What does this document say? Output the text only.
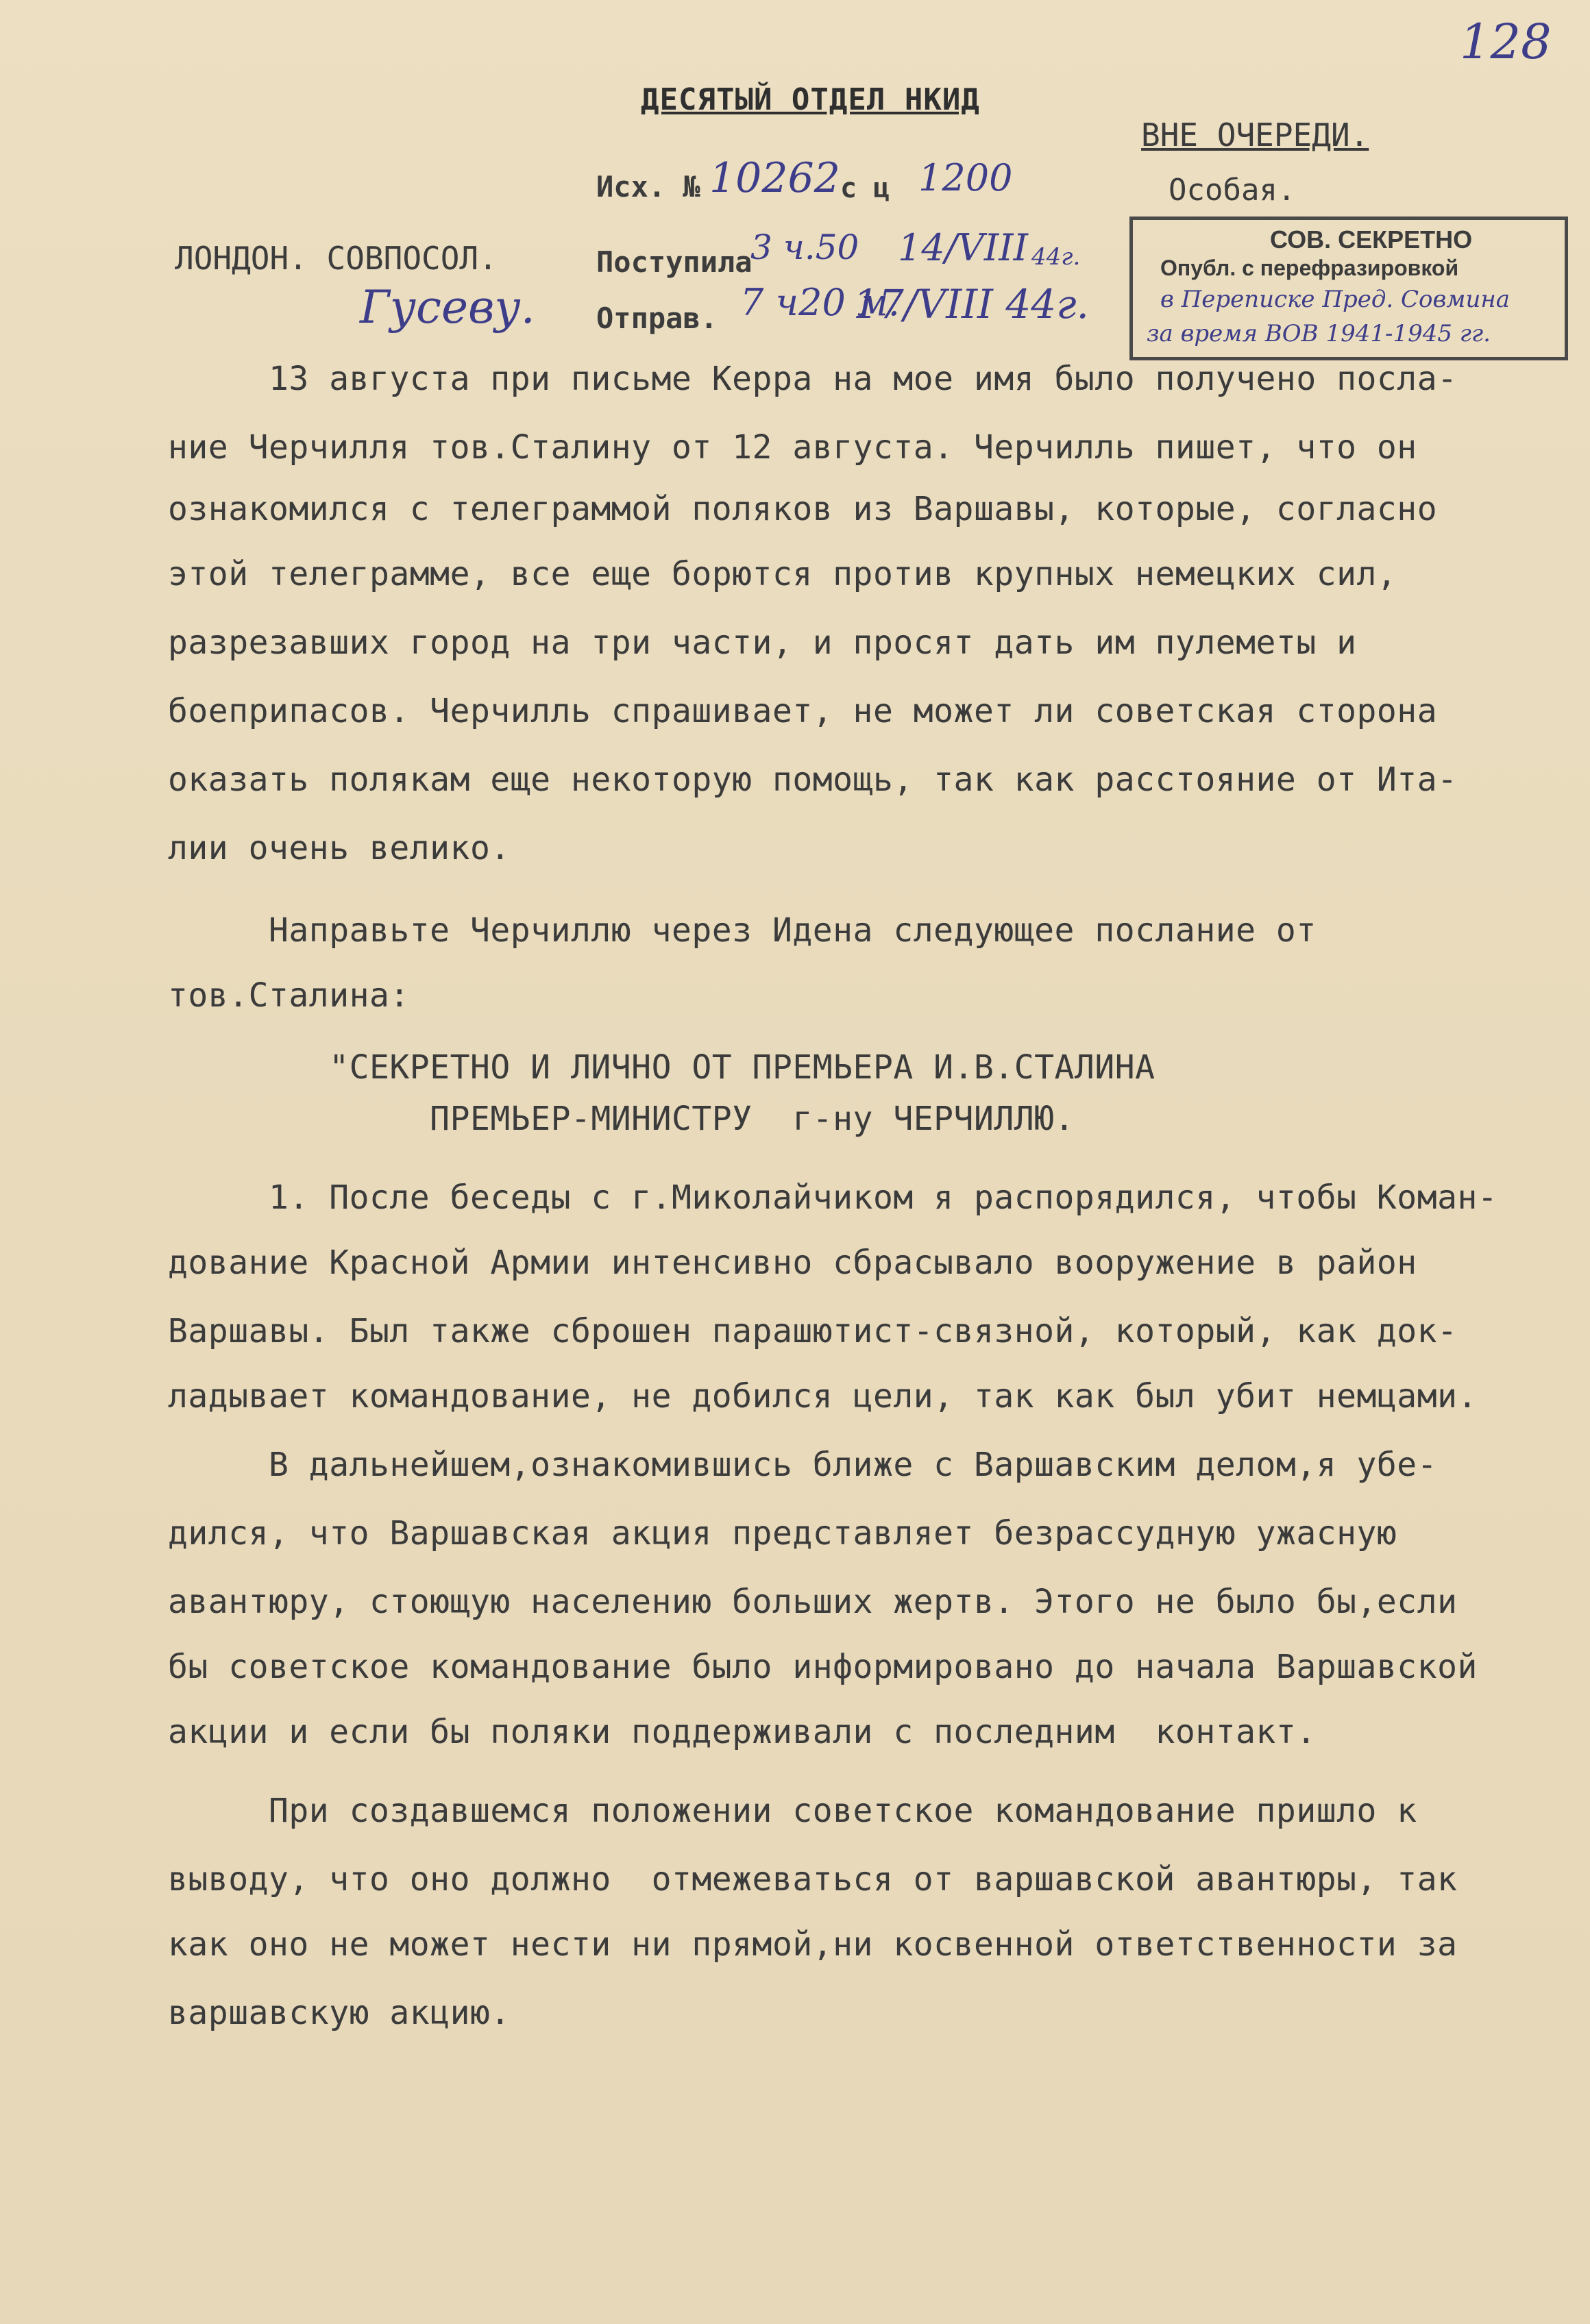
128
ДЕСЯТЫЙ ОТДЕЛ НКИД
ВНЕ ОЧЕРЕДИ.
Особая.
Исх. № 10262 с ц 1200
Поступила
3 ч.50 14/VIII 44г.
Отправ. 7 ч20 м.
17/VIII 44г.
ЛОНДОН. СОВПОСОЛ.
Гусеву.
СОВ. СЕКРЕТНО
Опубл. с перефразировкой
в Переписке Пред. Совмина
за время ВОВ 1941-1945 гг.
13 августа при письме Керра на мое имя было получено посла-
ние Черчилля тов.Сталину от 12 августа. Черчилль пишет, что он
ознакомился с телеграммой поляков из Варшавы, которые, согласно
этой телеграмме, все еще борются против крупных немецких сил,
разрезавших город на три части, и просят дать им пулеметы и
боеприпасов. Черчилль спрашивает, не может ли советская сторона
оказать полякам еще некоторую помощь, так как расстояние от Ита-
лии очень велико.
Направьте Черчиллю через Идена следующее послание от
тов.Сталина:
"СЕКРЕТНО И ЛИЧНО ОТ ПРЕМЬЕРА И.В.СТАЛИНА
ПРЕМЬЕР-МИНИСТРУ  г-ну ЧЕРЧИЛЛЮ.
1. После беседы с г.Миколайчиком я распорядился, чтобы Коман-
дование Красной Армии интенсивно сбрасывало вооружение в район
Варшавы. Был также сброшен парашютист-связной, который, как док-
ладывает командование, не добился цели, так как был убит немцами.
В дальнейшем,ознакомившись ближе с Варшавским делом,я убе-
дился, что Варшавская акция представляет безрассудную ужасную
авантюру, стоющую населению больших жертв. Этого не было бы,если
бы советское командование было информировано до начала Варшавской
акции и если бы поляки поддерживали с последним  контакт.
При создавшемся положении советское командование пришло к
выводу, что оно должно  отмежеваться от варшавской авантюры, так
как оно не может нести ни прямой,ни косвенной ответственности за
варшавскую акцию.
